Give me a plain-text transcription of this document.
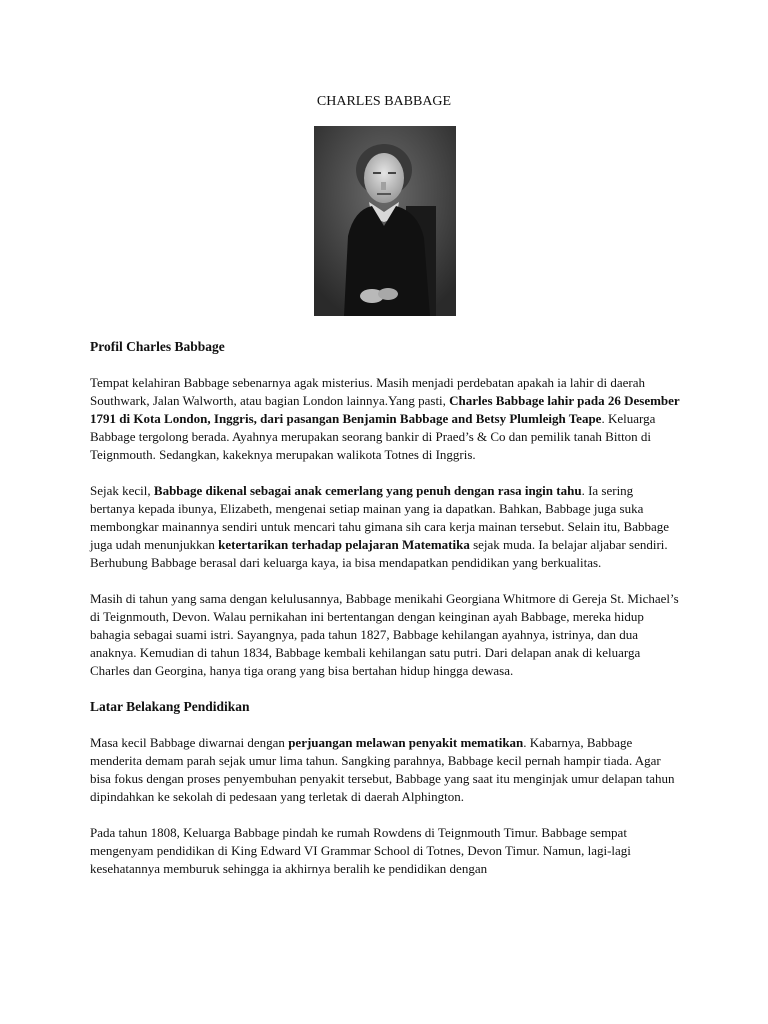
CHARLES BABBAGE
Profil Charles Babbage

Tempat kelahiran Babbage sebenarnya agak misterius. Masih menjadi perdebatan apakah ia lahir di daerah Southwark, Jalan Walworth, atau bagian London lainnya.Yang pasti, Charles Babbage lahir pada 26 Desember 1791 di Kota London, Inggris, dari pasangan Benjamin Babbage and Betsy Plumleigh Teape. Keluarga Babbage tergolong berada. Ayahnya merupakan seorang bankir di Praed’s & Co dan pemilik tanah Bitton di Teignmouth. Sedangkan, kakeknya merupakan walikota Totnes di Inggris.

Sejak kecil, Babbage dikenal sebagai anak cemerlang yang penuh dengan rasa ingin tahu. Ia sering bertanya kepada ibunya, Elizabeth, mengenai setiap mainan yang ia dapatkan. Bahkan, Babbage juga suka membongkar mainannya sendiri untuk mencari tahu gimana sih cara kerja mainan tersebut. Selain itu, Babbage juga udah menunjukkan ketertarikan terhadap pelajaran Matematika sejak muda. Ia belajar aljabar sendiri. Berhubung Babbage berasal dari keluarga kaya, ia bisa mendapatkan pendidikan yang berkualitas.

Masih di tahun yang sama dengan kelulusannya, Babbage menikahi Georgiana Whitmore di Gereja St. Michael’s di Teignmouth, Devon. Walau pernikahan ini bertentangan dengan keinginan ayah Babbage, mereka hidup bahagia sebagai suami istri. Sayangnya, pada tahun 1827, Babbage kehilangan ayahnya, istrinya, dan dua anaknya. Kemudian di tahun 1834, Babbage kembali kehilangan satu putri. Dari delapan anak di keluarga Charles dan Georgina, hanya tiga orang yang bisa bertahan hidup hingga dewasa.

Latar Belakang Pendidikan

Masa kecil Babbage diwarnai dengan perjuangan melawan penyakit mematikan. Kabarnya, Babbage menderita demam parah sejak umur lima tahun. Sangking parahnya, Babbage kecil pernah hampir tiada. Agar bisa fokus dengan proses penyembuhan penyakit tersebut, Babbage yang saat itu menginjak umur delapan tahun dipindahkan ke sekolah di pedesaan yang terletak di daerah Alphington.

Pada tahun 1808, Keluarga Babbage pindah ke rumah Rowdens di Teignmouth Timur. Babbage sempat mengenyam pendidikan di King Edward VI Grammar School di Totnes, Devon Timur. Namun, lagi-lagi kesehatannya memburuk sehingga ia akhirnya beralih ke pendidikan dengan
